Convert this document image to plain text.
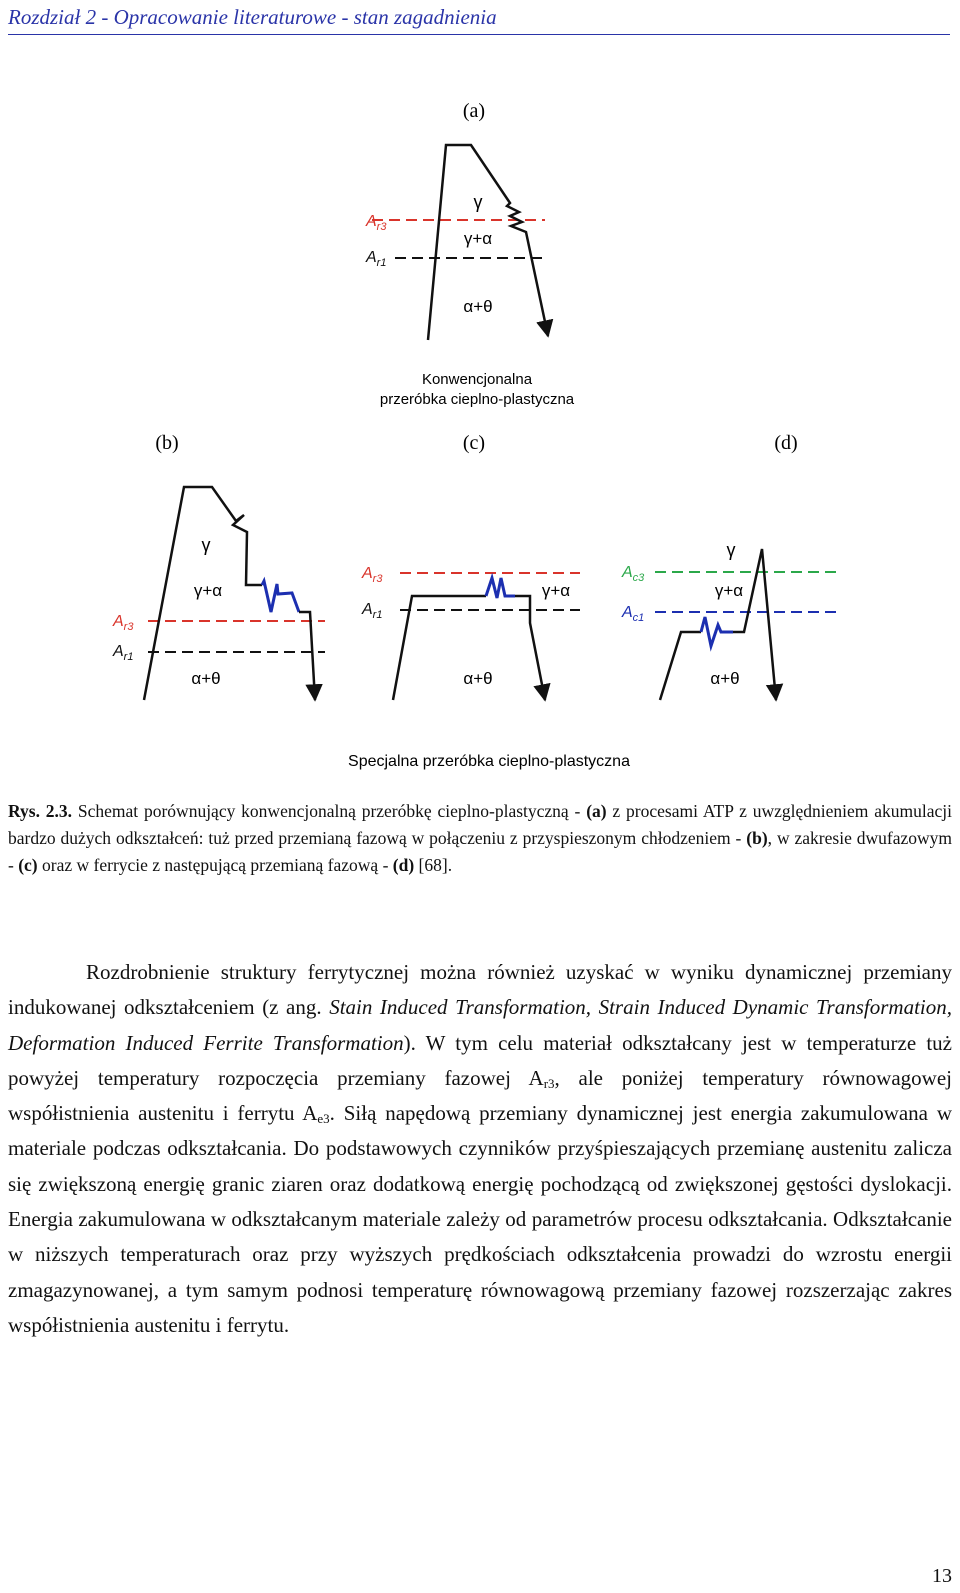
Rozdział 2 - Opracowanie literaturowe - stan zagadnienia
(a)
(b)	(c)	(d)
$A_{r3}$
$A_{r1}$
γ
γ+α
α+θ
Konwencjonalna
przeróbka cieplno-plastyczna
$A_{r3}$
$A_{r1}$
γ
γ+α
α+θ
$A_{r3}$
$A_{r1}$
γ+α
α+θ
$A_{c3}$
$A_{c1}$
γ
γ+α
α+θ
Specjalna przeróbka cieplno-plastyczna

Rys. 2.3. Schemat porównujący konwencjonalną przeróbkę cieplno-plastyczną - (a) z procesami ATP z uwzględnieniem akumulacji bardzo dużych odkształceń: tuż przed przemianą fazową w połączeniu z przyspieszonym chłodzeniem - (b), w zakresie dwufazowym - (c) oraz w ferrycie z następującą przemianą fazową - (d) [68].

Rozdrobnienie struktury ferrytycznej można również uzyskać w wyniku dynamicznej przemiany indukowanej odkształceniem (z ang. Stain Induced Transformation, Strain Induced Dynamic Transformation, Deformation Induced Ferrite Transformation). W tym celu materiał odkształcany jest w temperaturze tuż powyżej temperatury rozpoczęcia przemiany fazowej $A_{r3}$, ale poniżej temperatury równowagowej współistnienia austenitu i ferrytu $A_{e3}$. Siłą napędową przemiany dynamicznej jest energia zakumulowana w materiale podczas odkształcania. Do podstawowych czynników przyśpieszających przemianę austenitu zalicza się zwiększoną energię granic ziaren oraz dodatkową energię pochodzącą od zwiększonej gęstości dyslokacji. Energia zakumulowana w odkształcanym materiale zależy od parametrów procesu odkształcania. Odkształcanie w niższych temperaturach oraz przy wyższych prędkościach odkształcenia prowadzi do wzrostu energii zmagazynowanej, a tym samym podnosi temperaturę równowagową przemiany fazowej rozszerzając zakres współistnienia austenitu i ferrytu.

13
